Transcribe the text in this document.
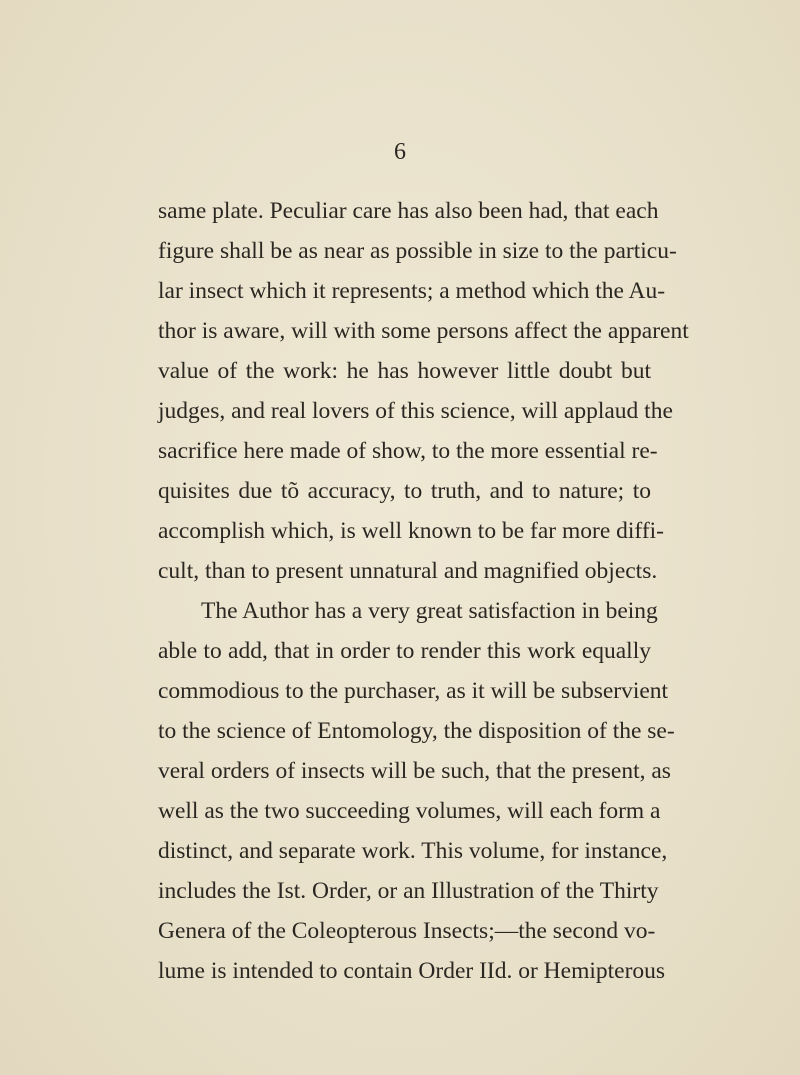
6
same plate. Peculiar care has also been had, that each
figure shall be as near as possible in size to the particu-
lar insect which it represents; a method which the Au-
thor is aware, will with some persons affect the apparent
value of the work: he has however little doubt but
judges, and real lovers of this science, will applaud the
sacrifice here made of show, to the more essential re-
quisites due tõ accuracy, to truth, and to nature; to
accomplish which, is well known to be far more diffi-
cult, than to present unnatural and magnified objects.
The Author has a very great satisfaction in being
able to add, that in order to render this work equally
commodious to the purchaser, as it will be subservient
to the science of Entomology, the disposition of the se-
veral orders of insects will be such, that the present, as
well as the two succeeding volumes, will each form a
distinct, and separate work. This volume, for instance,
includes the Ist. Order, or an Illustration of the Thirty
Genera of the Coleopterous Insects;—the second vo-
lume is intended to contain Order IId. or Hemipterous
